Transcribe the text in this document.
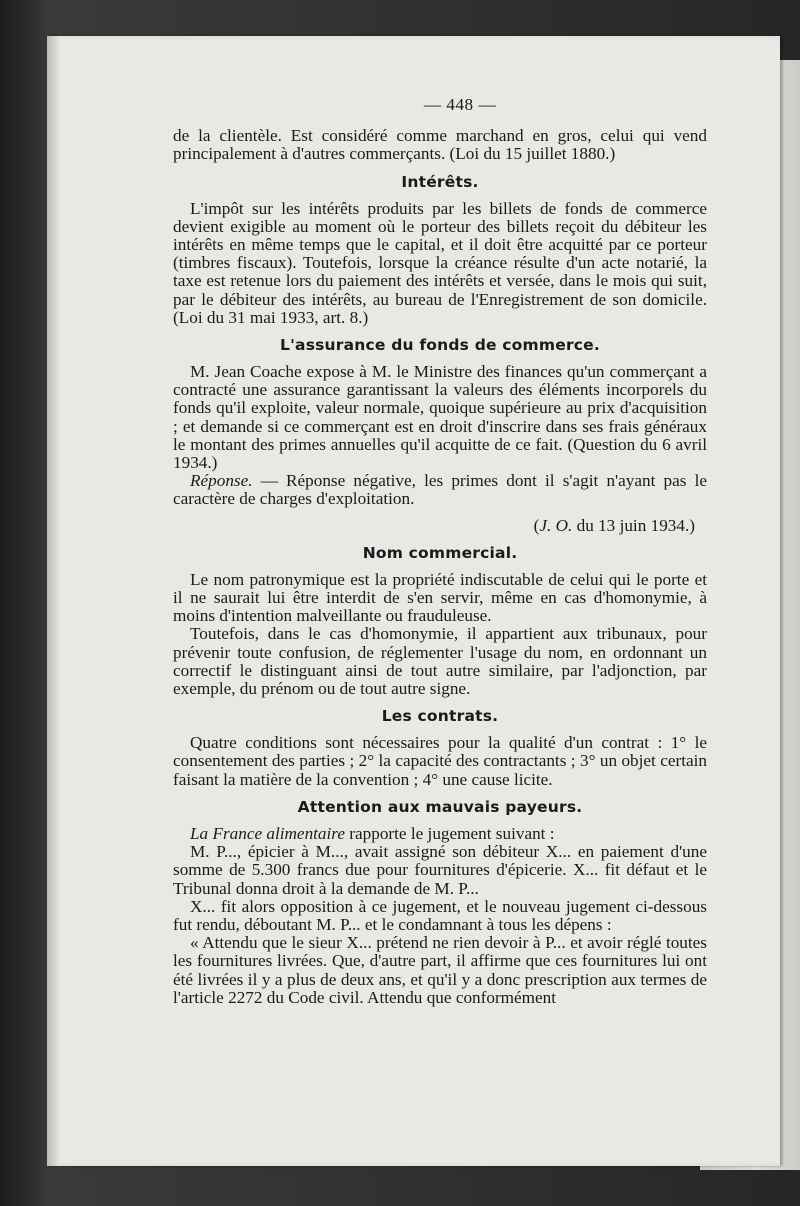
— 448 —

de la clientèle. Est considéré comme marchand en gros, celui qui vend principalement à d'autres commerçants. (Loi du 15 juillet 1880.)

Intérêts.

L'impôt sur les intérêts produits par les billets de fonds de commerce devient exigible au moment où le porteur des billets reçoit du débiteur les intérêts en même temps que le capital, et il doit être acquitté par ce porteur (timbres fiscaux). Toutefois, lorsque la créance résulte d'un acte notarié, la taxe est retenue lors du paiement des intérêts et versée, dans le mois qui suit, par le débiteur des intérêts, au bureau de l'Enregistrement de son domicile. (Loi du 31 mai 1933, art. 8.)

L'assurance du fonds de commerce.

M. Jean Coache expose à M. le Ministre des finances qu'un commerçant a contracté une assurance garantissant la valeurs des éléments incorporels du fonds qu'il exploite, valeur normale, quoique supérieure au prix d'acquisition ; et demande si ce commerçant est en droit d'inscrire dans ses frais généraux le montant des primes annuelles qu'il acquitte de ce fait. (Question du 6 avril 1934.)

Réponse. — Réponse négative, les primes dont il s'agit n'ayant pas le caractère de charges d'exploitation.

(J. O. du 13 juin 1934.)
Nom commercial.

Le nom patronymique est la propriété indiscutable de celui qui le porte et il ne saurait lui être interdit de s'en servir, même en cas d'homonymie, à moins d'intention malveillante ou frauduleuse.

Toutefois, dans le cas d'homonymie, il appartient aux tribunaux, pour prévenir toute confusion, de réglementer l'usage du nom, en ordonnant un correctif le distinguant ainsi de tout autre similaire, par l'adjonction, par exemple, du prénom ou de tout autre signe.

Les contrats.

Quatre conditions sont nécessaires pour la qualité d'un contrat : 1° le consentement des parties ; 2° la capacité des contractants ; 3° un objet certain faisant la matière de la convention ; 4° une cause licite.

Attention aux mauvais payeurs.

La France alimentaire rapporte le jugement suivant :

M. P..., épicier à M..., avait assigné son débiteur X... en paiement d'une somme de 5.300 francs due pour fournitures d'épicerie. X... fit défaut et le Tribunal donna droit à la demande de M. P...

X... fit alors opposition à ce jugement, et le nouveau jugement ci-dessous fut rendu, déboutant M. P... et le condamnant à tous les dépens :

« Attendu que le sieur X... prétend ne rien devoir à P... et avoir réglé toutes les fournitures livrées. Que, d'autre part, il affirme que ces fournitures lui ont été livrées il y a plus de deux ans, et qu'il y a donc prescription aux termes de l'article 2272 du Code civil. Attendu que conformément
